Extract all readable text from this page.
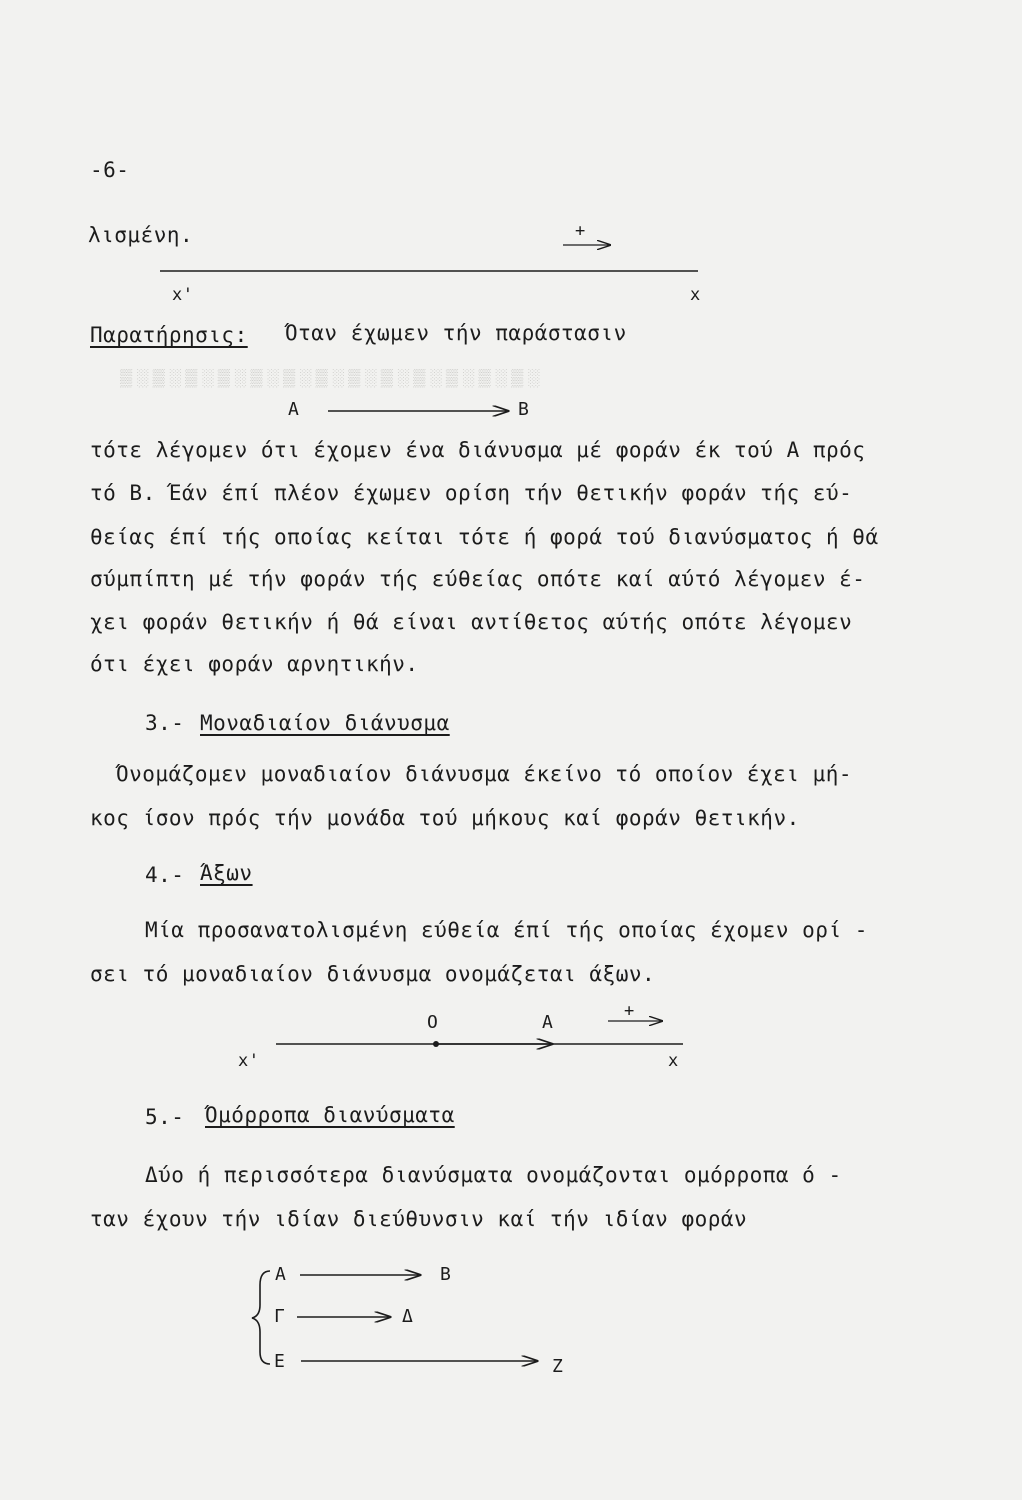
▒ ░ ▒ ░ ▒ ░ ▒ ░ ▒ ░ ▒ ░ ▒ ░ ▒ ░ ▒ ░ ▒ ░ ▒ ░ ▒ ░ ▒ ░
-6-
λισμένη.	+
x'	x
Παρατήρησις: Όταν έχωμεν τήν παράστασιν
Α	Β
τότε λέγομεν ότι έχομεν ένα διάνυσμα μέ φοράν έκ τού Α πρός
τό Β. Έάν έπί πλέον έχωμεν ορίση τήν θετικήν φοράν τής εύ-
θείας έπί τής οποίας κείται τότε ή φορά τού διανύσματος ή θά
σύμπίπτη μέ τήν φοράν τής εύθείας οπότε καί αύτό λέγομεν έ-
χει φοράν θετικήν ή θά είναι αντίθετος αύτής οπότε λέγομεν
ότι έχει φοράν αρνητικήν.
3.- Μοναδιαίον διάνυσμα
Όνομάζομεν μοναδιαίον διάνυσμα έκείνο τό οποίον έχει μή-
κος ίσον πρός τήν μονάδα τού μήκους καί φοράν θετικήν.
4.- Άξων
Μία προσανατολισμένη εύθεία έπί τής οποίας έχομεν ορί -
σει τό μοναδιαίον διάνυσμα ονομάζεται άξων.
Ο	Α
+
x'	x
5.- Όμόρροπα διανύσματα
Δύο ή περισσότερα διανύσματα ονομάζονται ομόρροπα ό -
ταν έχουν τήν ιδίαν διεύθυνσιν καί τήν ιδίαν φοράν
Α	Β
Γ	Δ
Ε	Ζ
